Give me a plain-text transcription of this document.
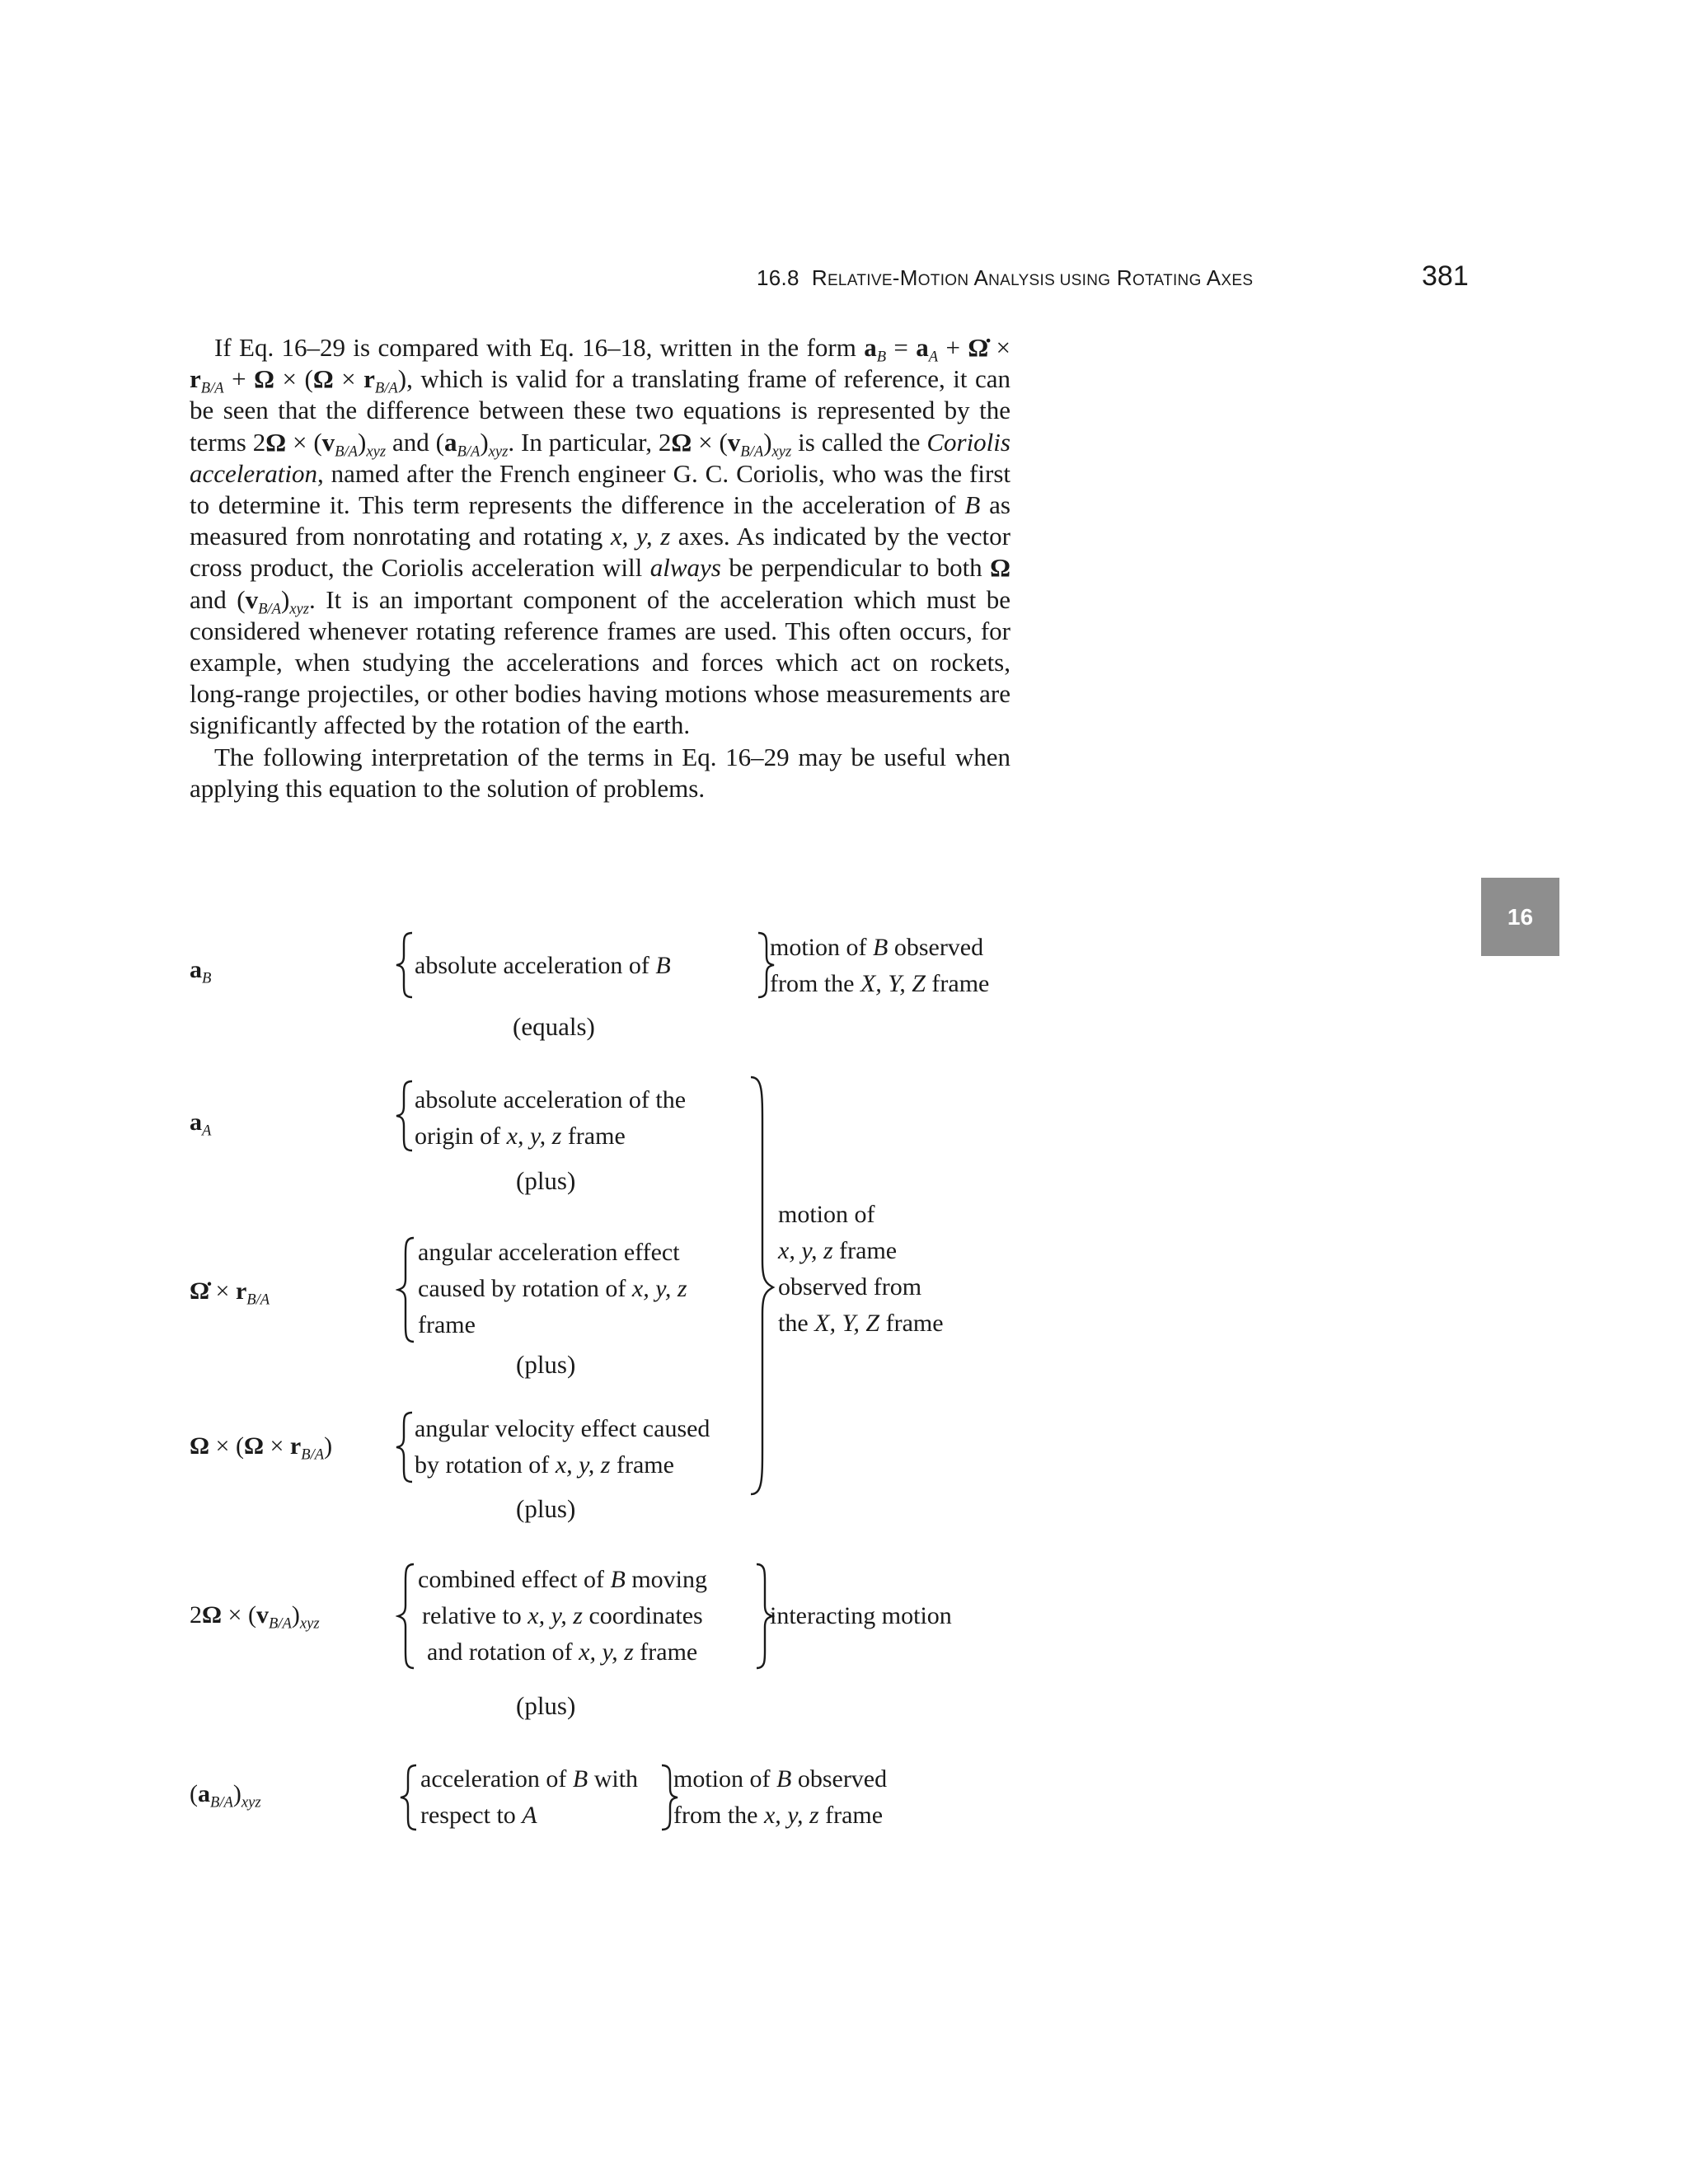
16.8 RELATIVE-MOTION ANALYSIS USING ROTATING AXES	381
16

If Eq. 16–29 is compared with Eq. 16–18, written in the form $a_B = a_A$ + Ω̇ × $r_{B/A} + \Omega \times (\Omega \times r_{B/A})$, which is valid for a translating frame of reference, it can be seen that the difference between these two equations is represented by the terms $2\Omega \times (v_{B/A})_{xyz}$ and $(a_{B/A})_{xyz}$. In particular, $2\Omega \times (v_{B/A})_{xyz}$ is called the Coriolis acceleration, named after the French engineer G. C. Coriolis, who was the first to determine it. This term represents the difference in the acceleration of B as measured from nonrotating and rotating x, y, z axes. As indicated by the vector cross product, the Coriolis acceleration will always be perpendicular to both Ω and $(v_{B/A})_{xyz}$. It is an important component of the acceleration which must be considered whenever rotating reference frames are used. This often occurs, for example, when studying the accelerations and forces which act on rockets, long-range projectiles, or other bodies having motions whose measurements are significantly affected by the rotation of the earth.

The following interpretation of the terms in Eq. 16–29 may be useful when applying this equation to the solution of problems.

$a_B$	absolute acceleration of B
motion of B observed
from the X, Y, Z frame
(equals)
$a_A$
absolute acceleration of the
origin of x, y, z frame
(plus)
Ω̇ × $r_{B/A}$
angular acceleration effect
caused by rotation of x, y, z
frame
motion of
x, y, z frame
observed from
the X, Y, Z frame
(plus)
$\Omega \times (\Omega \times r_{B/A})$
angular velocity effect caused
by rotation of x, y, z frame
(plus)
$2\Omega \times (v_{B/A})_{xyz}$
combined effect of B moving
relative to x, y, z coordinates
and rotation of x, y, z frame
interacting motion
(plus)
$(a_{B/A})_{xyz}$
acceleration of B with
respect to A
motion of B observed
from the x, y, z frame
